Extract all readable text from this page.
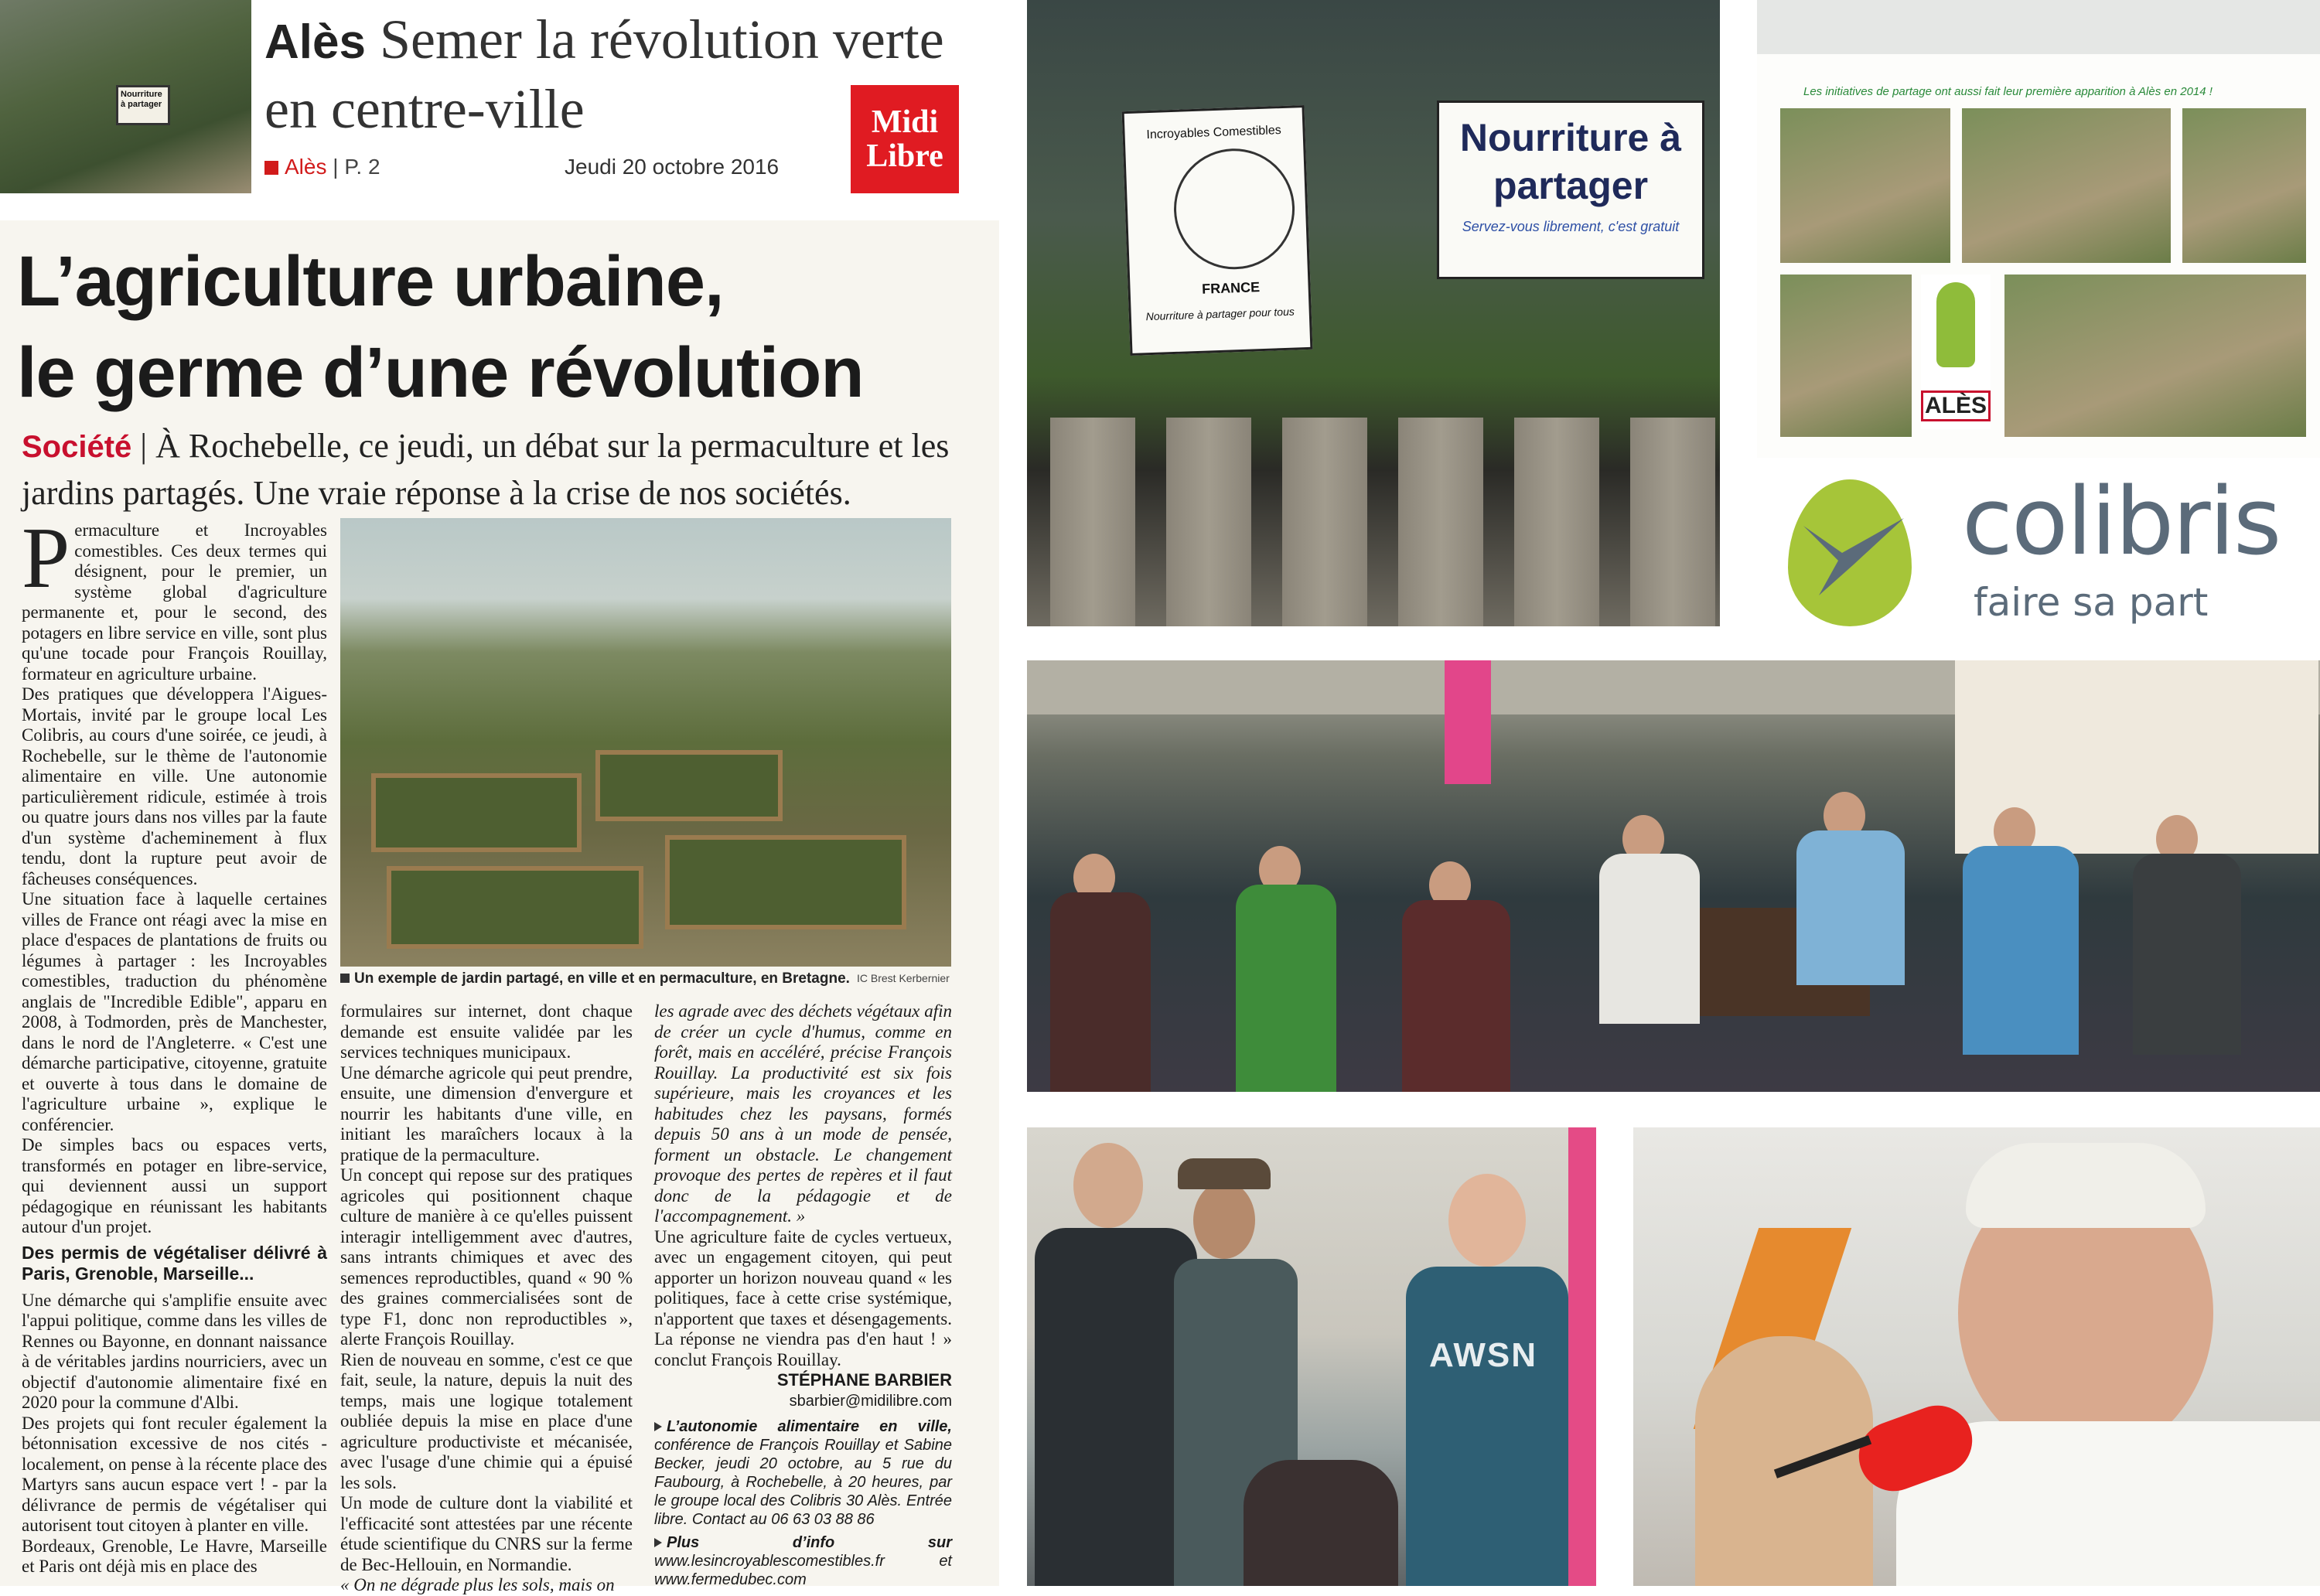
Nourriture à partager
Alès Semer la révolution verte en centre-ville
Alès | P. 2	Jeudi 20 octobre 2016
Midi
Libre
L’agriculture urbaine,
le germe d’une révolution
Société | À Rochebelle, ce jeudi, un débat sur la permaculture et les jardins partagés. Une vraie réponse à la crise de nos sociétés.

Permaculture et Incroyables comestibles. Ces deux termes qui désignent, pour le premier, un système global d'agriculture permanente et, pour le second, des potagers en libre service en ville, sont plus qu'une tocade pour François Rouillay, formateur en agriculture urbaine.

Des pratiques que développera l'Aigues-Mortais, invité par le groupe local Les Colibris, au cours d'une soirée, ce jeudi, à Rochebelle, sur le thème de l'autonomie alimentaire en ville. Une autonomie particulièrement ridicule, estimée à trois ou quatre jours dans nos villes par la faute d'un système d'acheminement à flux tendu, dont la rupture peut avoir de fâcheuses conséquences.

Une situation face à laquelle certaines villes de France ont réagi avec la mise en place d'espaces de plantations de fruits ou légumes à partager : les Incroyables comestibles, traduction du phénomène anglais de "Incredible Edible", apparu en 2008, à Todmorden, près de Manchester, dans le nord de l'Angleterre. « C'est une démarche participative, citoyenne, gratuite et ouverte à tous dans le domaine de l'agriculture urbaine », explique le conférencier.

De simples bacs ou espaces verts, transformés en potager en libre-service, qui deviennent aussi un support pédagogique en réunissant les habitants autour d'un projet.

Des permis de végétaliser délivré à Paris, Grenoble, Marseille...

Une démarche qui s'amplifie ensuite avec l'appui politique, comme dans les villes de Rennes ou Bayonne, en donnant naissance à de véritables jardins nourriciers, avec un objectif d'autonomie alimentaire fixé en 2020 pour la commune d'Albi.

Des projets qui font reculer également la bétonnisation excessive de nos cités - localement, on pense à la récente place des Martyrs sans aucun espace vert ! - par la délivrance de permis de végétaliser qui autorisent tout citoyen à planter en ville.

Bordeaux, Grenoble, Le Havre, Marseille et Paris ont déjà mis en place des

Un exemple de jardin partagé, en ville et en permaculture, en Bretagne. IC Brest Kerbernier

formulaires sur internet, dont chaque demande est ensuite validée par les services techniques municipaux.

Une démarche agricole qui peut prendre, ensuite, une dimension d'envergure et nourrir les habitants d'une ville, en initiant les maraîchers locaux à la pratique de la permaculture.

Un concept qui repose sur des pratiques agricoles qui positionnent chaque culture de manière à ce qu'elles puissent interagir intelligemment avec d'autres, sans intrants chimiques et avec des semences reproductibles, quand « 90 % des graines commercialisées sont de type F1, donc non reproductibles », alerte François Rouillay.

Rien de nouveau en somme, c'est ce que fait, seule, la nature, depuis la nuit des temps, mais une logique totalement oubliée depuis la mise en place d'une agriculture productiviste et mécanisée, avec l'usage d'une chimie qui a épuisé les sols.

Un mode de culture dont la viabilité et l'efficacité sont attestées par une récente étude scientifique du CNRS sur la ferme de Bec-Hellouin, en Normandie.

« On ne dégrade plus les sols, mais on

les agrade avec des déchets végétaux afin de créer un cycle d'humus, comme en forêt, mais en accéléré, précise François Rouillay. La productivité est six fois supérieure, mais les croyances et les habitudes chez les paysans, formés depuis 50 ans à un mode de pensée, forment un obstacle. Le changement provoque des pertes de repères et il faut donc de la pédagogie et de l'accompagnement. »

Une agriculture faite de cycles vertueux, avec un engagement citoyen, qui peut apporter un horizon nouveau quand « les politiques, face à cette crise systémique, n'apportent que taxes et désengagements. La réponse ne viendra pas d'en haut ! » conclut François Rouillay.

STÉPHANE BARBIER

sbarbier@midilibre.com

L’autonomie alimentaire en ville, conférence de François Rouillay et Sabine Becker, jeudi 20 octobre, au 5 rue du Faubourg, à Rochebelle, à 20 heures, par le groupe local des Colibris 30 Alès. Entrée libre. Contact au 06 63 03 88 86

Plus d’info sur www.lesincroyablescomestibles.fr et www.fermedubec.com

Incroyables Comestibles
FRANCE
Nourriture à partager pour tous
Nourriture à partager
Servez-vous librement, c'est gratuit
Les initiatives de partage ont aussi fait leur première apparition à Alès en 2014 !
ALÈS
colibris
faire sa part
AWSN
